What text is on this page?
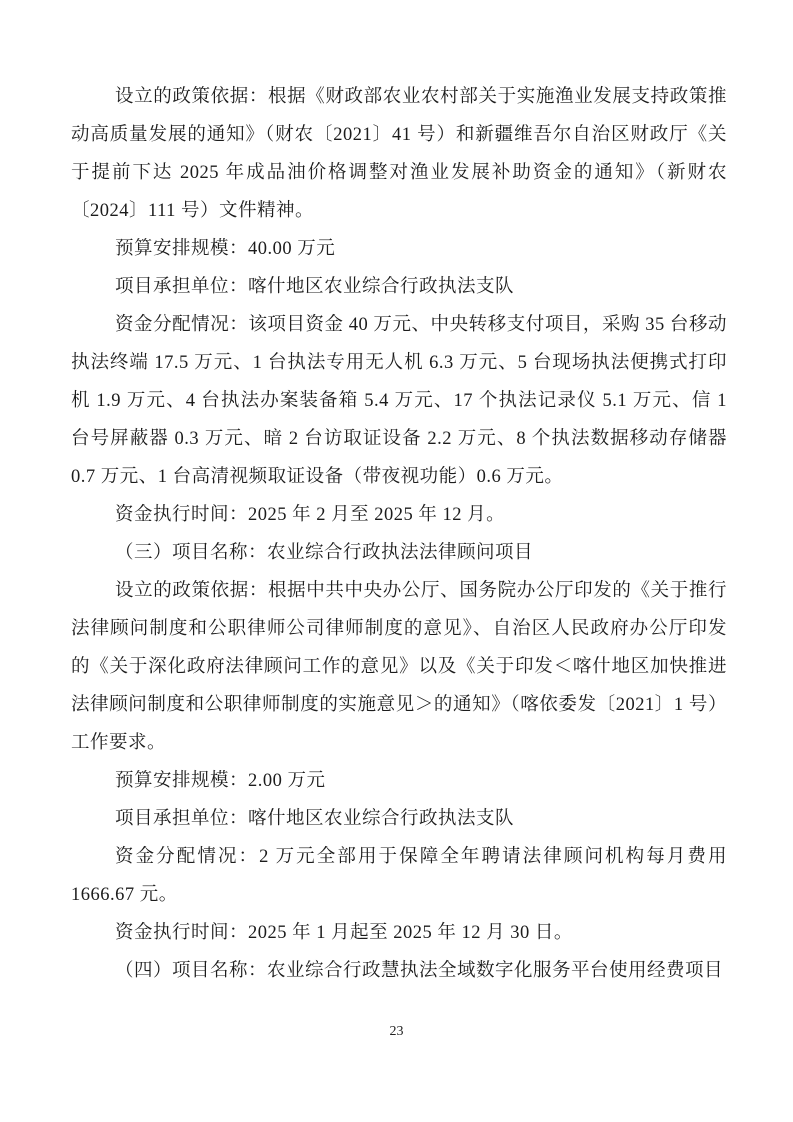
设立的政策依据：根据《财政部农业农村部关于实施渔业发展支持政策推
动高质量发展的通知》（财农〔2021〕41 号）和新疆维吾尔自治区财政厅《关
于提前下达 2025 年成品油价格调整对渔业发展补助资金的通知》（新财农
〔2024〕111 号）文件精神。
预算安排规模：40.00 万元
项目承担单位：喀什地区农业综合行政执法支队
资金分配情况：该项目资金 40 万元、中央转移支付项目，采购 35 台移动
执法终端 17.5 万元、1 台执法专用无人机 6.3 万元、5 台现场执法便携式打印
机 1.9 万元、4 台执法办案装备箱 5.4 万元、17 个执法记录仪 5.1 万元、信 1
台号屏蔽器 0.3 万元、暗 2 台访取证设备 2.2 万元、8 个执法数据移动存储器
0.7 万元、1 台高清视频取证设备（带夜视功能）0.6 万元。
资金执行时间：2025 年 2 月至 2025 年 12 月。
（三）项目名称：农业综合行政执法法律顾问项目
设立的政策依据：根据中共中央办公厅、国务院办公厅印发的《关于推行
法律顾问制度和公职律师公司律师制度的意见》、自治区人民政府办公厅印发
的《关于深化政府法律顾问工作的意见》以及《关于印发＜喀什地区加快推进
法律顾问制度和公职律师制度的实施意见＞的通知》（喀依委发〔2021〕1 号）
工作要求。
预算安排规模：2.00 万元
项目承担单位：喀什地区农业综合行政执法支队
资金分配情况：2 万元全部用于保障全年聘请法律顾问机构每月费用
1666.67 元。
资金执行时间：2025 年 1 月起至 2025 年 12 月 30 日。
（四）项目名称：农业综合行政慧执法全域数字化服务平台使用经费项目
23
